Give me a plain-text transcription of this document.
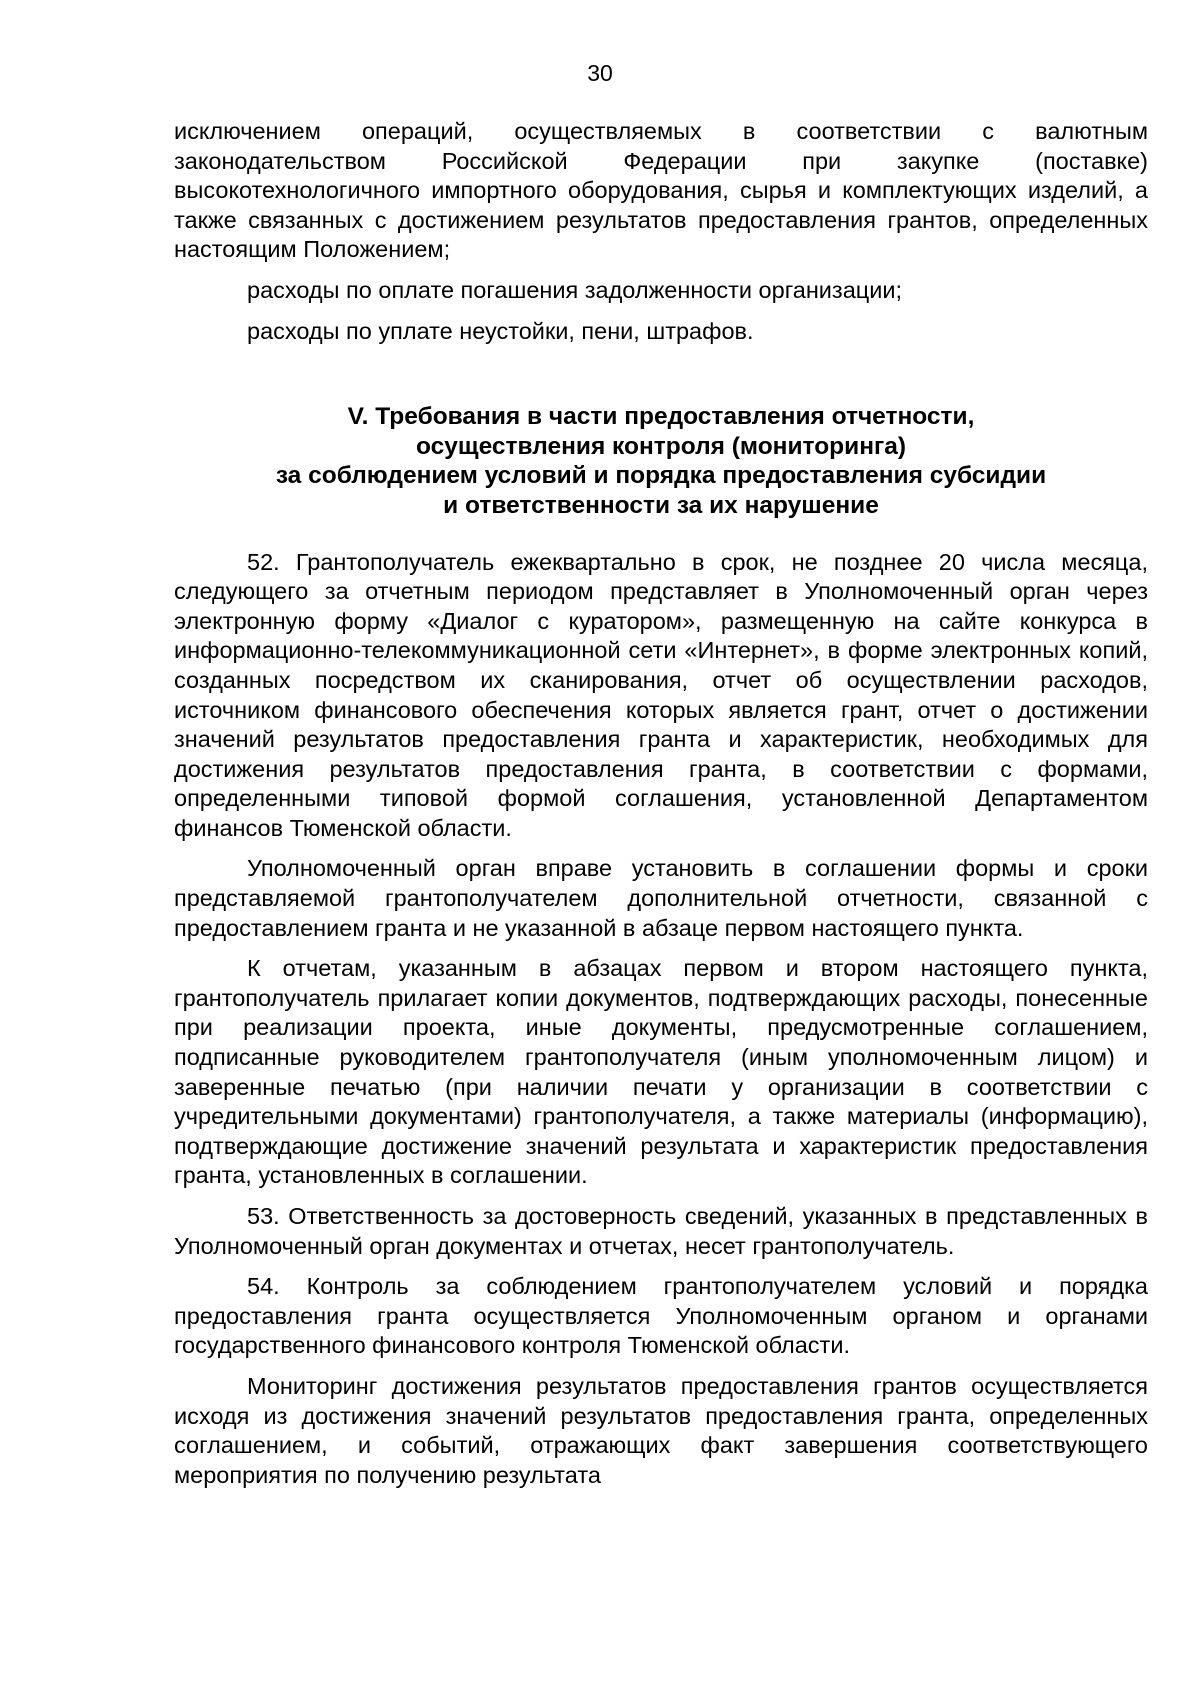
30

исключением операций, осуществляемых в соответствии с валютным законодательством Российской Федерации при закупке (поставке) высокотехнологичного импортного оборудования, сырья и комплектующих изделий, а также связанных с достижением результатов предоставления грантов, определенных настоящим Положением;

расходы по оплате погашения задолженности организации;

расходы по уплате неустойки, пени, штрафов.

V. Требования в части предоставления отчетности,
осуществления контроля (мониторинга)
за соблюдением условий и порядка предоставления субсидии
и ответственности за их нарушение

52. Грантополучатель ежеквартально в срок, не позднее 20 числа месяца, следующего за отчетным периодом представляет в Уполномоченный орган через электронную форму «Диалог с куратором», размещенную на сайте конкурса в информационно-телекоммуникационной сети «Интернет», в форме электронных копий, созданных посредством их сканирования, отчет об осуществлении расходов, источником финансового обеспечения которых является грант, отчет о достижении значений результатов предоставления гранта и характеристик, необходимых для достижения результатов предоставления гранта, в соответствии с формами, определенными типовой формой соглашения, установленной Департаментом финансов Тюменской области.

Уполномоченный орган вправе установить в соглашении формы и сроки представляемой грантополучателем дополнительной отчетности, связанной с предоставлением гранта и не указанной в абзаце первом настоящего пункта.

К отчетам, указанным в абзацах первом и втором настоящего пункта, грантополучатель прилагает копии документов, подтверждающих расходы, понесенные при реализации проекта, иные документы, предусмотренные соглашением, подписанные руководителем грантополучателя (иным уполномоченным лицом) и заверенные печатью (при наличии печати у организации в соответствии с учредительными документами) грантополучателя, а также материалы (информацию), подтверждающие достижение значений результата и характеристик предоставления гранта, установленных в соглашении.

53. Ответственность за достоверность сведений, указанных в представленных в Уполномоченный орган документах и отчетах, несет грантополучатель.

54. Контроль за соблюдением грантополучателем условий и порядка предоставления гранта осуществляется Уполномоченным органом и органами государственного финансового контроля Тюменской области.

Мониторинг достижения результатов предоставления грантов осуществляется исходя из достижения значений результатов предоставления гранта, определенных соглашением, и событий, отражающих факт завершения соответствующего мероприятия по получению результата
